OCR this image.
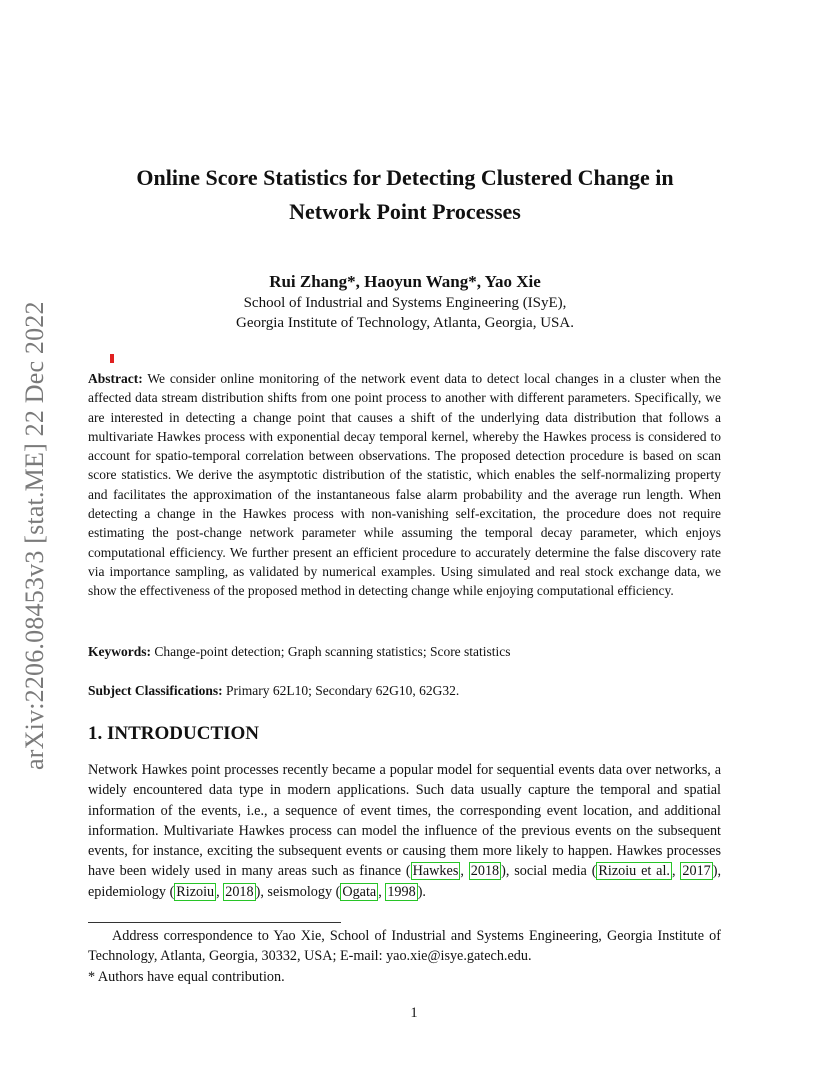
arXiv:2206.08453v3 [stat.ME] 22 Dec 2022
Online Score Statistics for Detecting Clustered Change in
Network Point Processes
Rui Zhang*, Haoyun Wang*, Yao Xie
School of Industrial and Systems Engineering (ISyE),
Georgia Institute of Technology, Atlanta, Georgia, USA.
Abstract: We consider online monitoring of the network event data to detect local changes in a cluster when the affected data stream distribution shifts from one point process to another with different parameters. Specifically, we are interested in detecting a change point that causes a shift of the underlying data distribution that follows a multivariate Hawkes process with exponential decay temporal kernel, whereby the Hawkes process is considered to account for spatio-temporal correlation between observations. The proposed detection procedure is based on scan score statistics. We derive the asymptotic distribution of the statistic, which enables the self-normalizing property and facilitates the approximation of the instantaneous false alarm probability and the average run length. When detecting a change in the Hawkes process with non-vanishing self-excitation, the procedure does not require estimating the post-change network parameter while assuming the temporal decay parameter, which enjoys computational efficiency. We further present an efficient procedure to accurately determine the false discovery rate via importance sampling, as validated by numerical examples. Using simulated and real stock exchange data, we show the effectiveness of the proposed method in detecting change while enjoying computational efficiency.
Keywords: Change-point detection; Graph scanning statistics; Score statistics
Subject Classifications: Primary 62L10; Secondary 62G10, 62G32.
1. INTRODUCTION
Network Hawkes point processes recently became a popular model for sequential events data over networks, a widely encountered data type in modern applications. Such data usually capture the temporal and spatial information of the events, i.e., a sequence of event times, the corresponding event location, and additional information. Multivariate Hawkes process can model the influence of the previous events on the subsequent events, for instance, exciting the subsequent events or causing them more likely to happen. Hawkes processes have been widely used in many areas such as finance ( Hawkes , 2018 ), social media ( Rizoiu et al. , 2017 ), epidemiology ( Rizoiu , 2018 ), seismology ( Ogata , 1998 ).
Address correspondence to Yao Xie, School of Industrial and Systems Engineering, Georgia Institute of Technology, Atlanta, Georgia, 30332, USA; E-mail: yao.xie@isye.gatech.edu.
* Authors have equal contribution.
1
